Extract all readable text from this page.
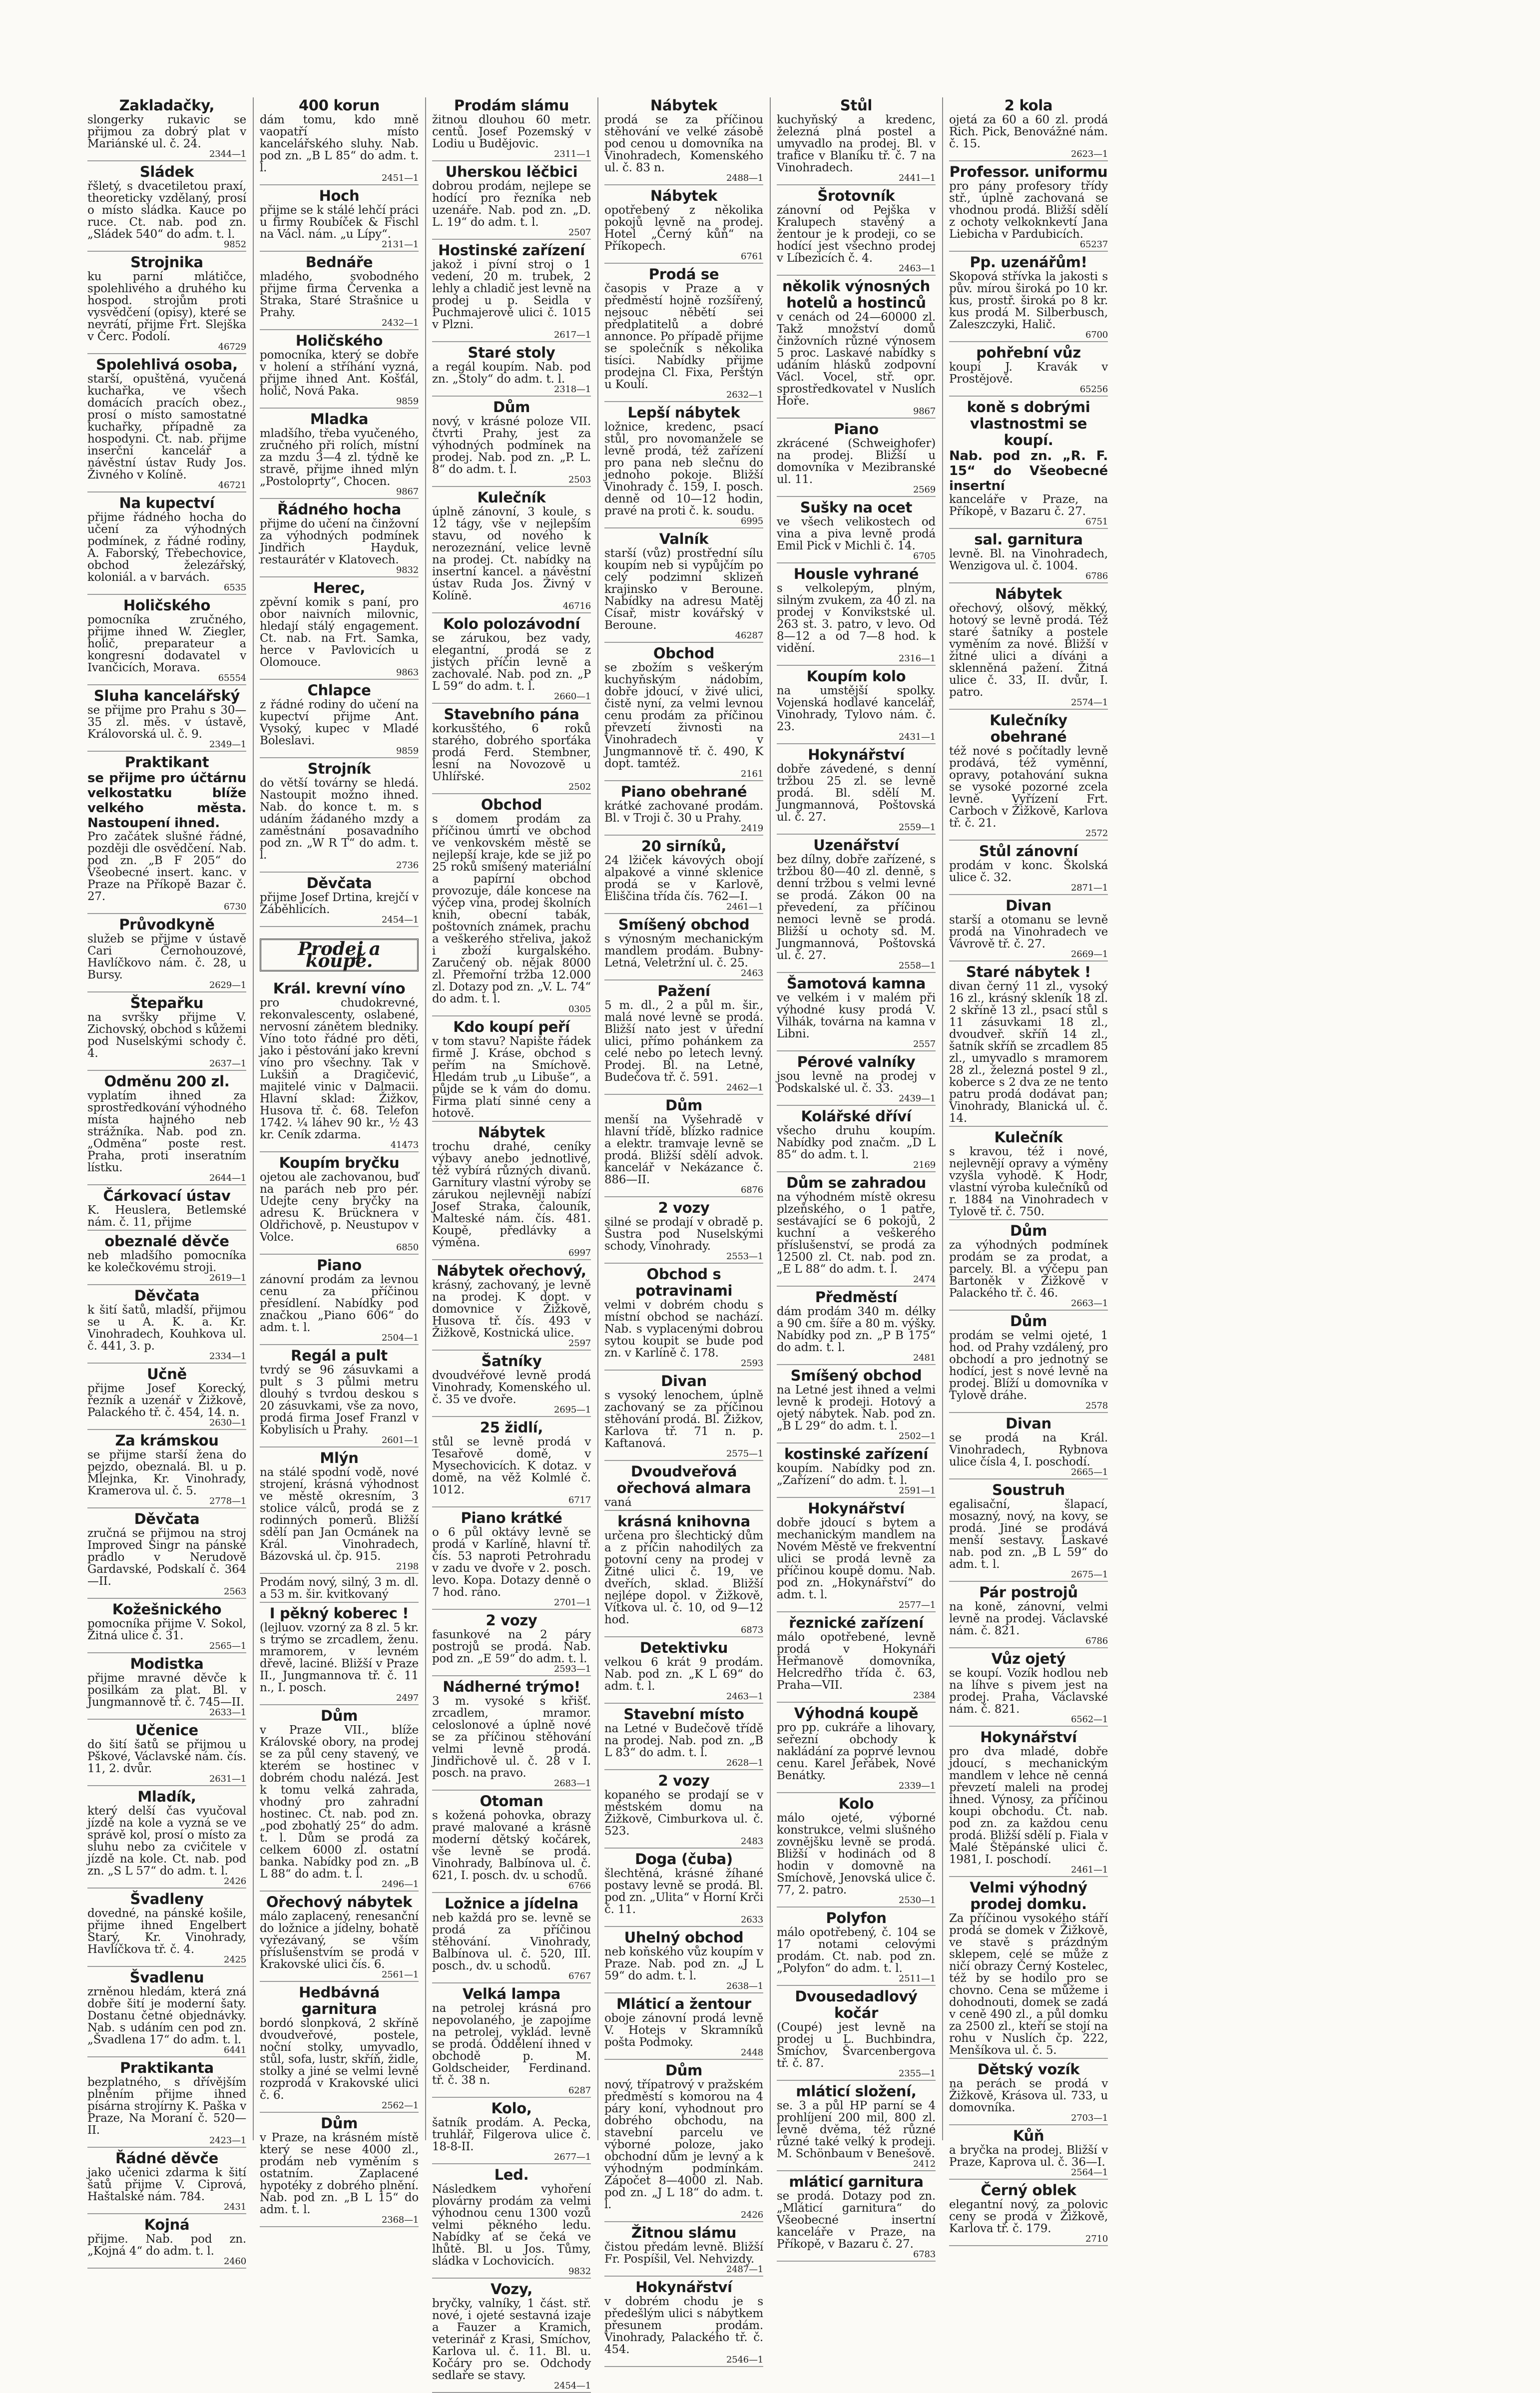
Zakladačky,

slongerky rukavic se přijmou za dobrý plat v Mariánské ul. č. 24.

2344—1
Sládek

řšletý, s dvacetiletou praxí, theoreticky vzdělaný, prosí o místo sládka. Kauce po ruce. Ct. nab. pod zn. „Sládek 540“ do adm. t. l.

9852
Strojnika

ku parní mlátičce, spolehlivého a druhého ku hospod. strojům proti vysvědčení (opisy), které se nevrátí, přijme Frt. Slejška v Čerc. Podolí.

46729
Spolehlivá osoba,

starší, opuštěná, vyučená kuchařka, ve všech domácích pracích obez., prosí o místo samostatné kuchařky, případně za hospodyni. Ct. nab. přijme inserční kancelář a návěstní ústav Rudy Jos. Živného v Kolíně.

46721
Na kupectví

přijme řádného hocha do učení za výhodných podmínek, z řádné rodiny, A. Faborský, Třebechovice, obchod železářský, koloniál. a v barvách.

6535
Holičského

pomocníka zručného, přijme ihned W. Ziegler, holič, preparateur a kongresní dodavatel v Ivančicích, Morava.

65554
Sluha kancelářský

se přijme pro Prahu s 30—35 zl. měs. v ústavě, Královorská ul. č. 9.

2349—1
Praktikant

se přijme pro účtárnu velkostatku blíže velkého města. Nastoupení ihned.

Pro začátek slušné řádné, později dle osvědčení. Nab. pod zn. „B F 205“ do Všeobecné insert. kanc. v Praze na Příkopě Bazar č. 27.

6730
Průvodkyně

služeb se přijme v ústavě Cari Černohouzové, Havlíčkovo nám. č. 28, u Bursy.

2629—1
Štepařku

na svršky přijme V. Zichovský, obchod s kůžemi pod Nuselskými schody č. 4.

2637—1
Odměnu 200 zl.

vyplatím ihned za sprostředkování výhodného místa hajného neb strážníka. Nab. pod zn. „Odměna“ poste rest. Praha, proti inseratním lístku.

2644—1
Čárkovací ústav

K. Heuslera, Betlemské nám. č. 11, přijme

obeznalé děvče

neb mladšího pomocníka ke kolečkovému stroji.

2619—1
Děvčata

k šití šatů, mladší, přijmou se u A. K. a. Kr. Vinohradech, Kouhkova ul. č. 441, 3. p.

2334—1
Učně

přijme Josef Korecký, řezník a uzenář v Žižkově, Palackého tř. č. 454, 14. n.

2630—1
Za krámskou

se přijme starší žena do pejzdo, obeznalá. Bl. u p. Mlejnka, Kr. Vinohrady, Kramerova ul. č. 5.

2778—1
Děvčata

zručná se přijmou na stroj Improved Singr na pánské prádlo v Nerudově Gardavské, Podskalí č. 364—II.

2563
Kožešnického

pomocníka přijme V. Sokol, Žitná ulice č. 31.

2565—1
Modistka

přijme mravné děvče k posilkám za plat. Bl. v Jungmannově tř. č. 745—II.

2633—1
Učenice

do šití šatů se přijmou u Pškové, Václavské nám. čís. 11, 2. dvůr.

2631—1
Mladík,

který delší čas vyučoval jízdě na kole a vyzná se ve správě kol, prosí o místo za sluhu nebo za cvičitele v jízdě na kole. Ct. nab. pod zn. „S L 57“ do adm. t. l.

2426
Švadleny

dovedné, na pánské košile, přijme ihned Engelbert Starý, Kr. Vinohrady, Havlíčkova tř. č. 4.

2425
Švadlenu

zrněnou hledám, která zná dobře šití je moderní šaty. Dostanu četné objednávky. Nab. s udáním cen pod zn. „Švadlena 17“ do adm. t. l.

6441
Praktikanta

bezplatného, s dřívějším plněním přijme ihned písárna strojírny K. Paška v Praze, Na Moraní č. 520—II.

2423—1
Řádné děvče

jako učenici zdarma k šití šatů přijme V. Ciprová, Haštalské nám. 784.

2431
Kojná

přijme. Nab. pod zn. „Kojná 4“ do adm. t. l.

2460
400 korun

dám tomu, kdo mně vaopatří místo kancelářského sluhy. Nab. pod zn. „B L 85“ do adm. t. l.

2451—1
Hoch

přijme se k stálé lehčí práci u firmy Roubíček & Fischl na Václ. nám. „u Lípy“.

2131—1
Bednáře

mladého, svobodného přijme firma Červenka a Straka, Staré Strašnice u Prahy.

2432—1
Holičského

pomocníka, který se dobře v holení a stříhání vyzná, přijme ihned Ant. Košťál, holič, Nová Paka.

9859
Mladka

mladšího, třeba vyučeného, zručného při rolích, místní za mzdu 3—4 zl. týdně ke stravě, přijme ihned mlýn „Postoloprty“, Chocen.

9867
Řádného hocha

přijme do učení na činžovní za výhodných podmínek Jindřich Hayduk, restaurátér v Klatovech.

9832
Herec,

zpěvní komik s paní, pro obor naivních milovnic, hledají stálý engagement. Ct. nab. na Frt. Samka, herce v Pavlovicích u Olomouce.

9863
Chlapce

z řádné rodiny do učení na kupectví přijme Ant. Vysoký, kupec v Mladé Boleslavi.

9859
Strojník

do větší továrny se hledá. Nastoupit možno ihned. Nab. do konce t. m. s udáním žádaného mzdy a zaměstnání posavadního pod zn. „W R T“ do adm. t. l.

2736
Děvčata

přijme Josef Drtina, krejčí v Záběhlicích.

2454—1
Prodej a koupě.
Král. krevní víno

pro chudokrevné, rekonvalescenty, oslabené, nervosní zánětem bledniky. Víno toto řádné pro děti, jako i pěstování jako krevní víno pro všechny. Tak v Lukšiň a Dragičević, majitelé vinic v Dalmacii. Hlavní sklad: Žižkov, Husova tř. č. 68. Telefon 1742. ¼ láhev 90 kr., ½ 43 kr. Ceník zdarma.

41473
Koupím bryčku

ojetou ale zachovanou, buď na parách neb pro pér. Udejte ceny bryčky na adresu K. Brücknera v Oldřichově, p. Neustupov v Volce.

6850
Piano

zánovní prodám za levnou cenu za příčinou přesídlení. Nabídky pod značkou „Piano 606“ do adm. t. l.

2504—1
Regál a pult

tvrdý se 96 zásuvkami a pult s 3 půlmi metru dlouhý s tvrdou deskou s 20 zásuvkami, vše za novo, prodá firma Josef Franzl v Kobylisích u Prahy.

2601—1
Mlýn

na stálé spodní vodě, nové strojení, krásná výhodnost ve městě okresním, 3 stolice válců, prodá se z rodinných pomerů. Bližší sdělí pan Jan Ocmánek na Král. Vinohradech, Bázovská ul. čp. 915.

2198

Prodám nový, silný, 3 m. dl. a 53 m. šir. kvitkovaný

I pěkný koberec !

(lejluov. vzorný za 8 zl. 5 kr. s trýmo se zrcadlem, ženu. mramorem, v levném dřevě, laciné. Bližší v Praze II., Jungmannova tř. č. 11 n., I. posch.

2497
Dům

v Praze VII., blíže Královské obory, na prodej se za půl ceny stavený, ve kterém se hostinec v dobrém chodu nalézá. Jest k tomu velká zahrada, vhodný pro zahradní hostinec. Ct. nab. pod zn. „pod zbohatlý 25“ do adm. t. l. Dům se prodá za celkem 6000 zl. ostatní banka. Nabídky pod zn. „B L 88“ do adm. t. l.

2496—1
Ořechový nábytek

málo zaplacený, renesanční do ložnice a jídelny, bohatě vyřezávaný, se vším příslušenstvím se prodá v Krakovské ulici čís. 6.

2561—1
Hedbávná garnitura

bordó slonpková, 2 skříně dvoudveřové, postele, noční stolky, umyvadlo, stůl, sofa, lustr, skříň, židle, stolky a jiné se velmi levně rozprodá v Krakovské ulici č. 6.

2562—1
Dům

v Praze, na krásném místě který se nese 4000 zl., prodám neb vyměním s ostatním. Zaplacené hypotéky z dobrého plnění. Nab. pod zn. „B L 15“ do adm. t. l.

2368—1
Prodám slámu

žitnou dlouhou 60 metr. centů. Josef Pozemský v Lodiu u Budějovic.

2311—1
Uherskou lěčbici

dobrou prodám, nejlepe se hodící pro řezníka neb uzenáře. Nab. pod zn. „D. L. 19“ do adm. t. l.

2507
Hostinské zařízení

jakož i pívní stroj o 1 vedení, 20 m. trubek, 2 lehly a chladič jest levně na prodej u p. Seidla v Puchmajerově ulici č. 1015 v Plzni.

2617—1
Staré stoly

a regál koupím. Nab. pod zn. „Stoly“ do adm. t. l.

2318—1
Dům

nový, v krásné poloze VII. čtvrti Prahy, jest za výhodných podmínek na prodej. Nab. pod zn. „P. L. 8“ do adm. t. l.

2503
Kulečník

úplně zánovní, 3 koule, s 12 tágy, vše v nejlepším stavu, od nového k nerozeznání, velice levně na prodej. Ct. nabídky na insertní kancel. a návěstní ústav Ruda Jos. Živný v Kolíně.

46716
Kolo polozávodní

se zárukou, bez vady, elegantní, prodá se z jistých příčin levně a zachovalé. Nab. pod zn. „P L 59“ do adm. t. l.

2660—1
Stavebního pána

korkusštého, 6 roků starého, dobrého sporťáka prodá Ferd. Stembner, lesní na Novozově u Uhlířské.

2502
Obchod

s domem prodám za příčinou úmrtí ve obchod ve venkovském městě se nejlepší kraje, kde se již po 25 roků smíšený materiální a papírní obchod provozuje, dále koncese na výčep vína, prodej školních knih, obecní tabák, poštovních známek, prachu a veškerého střeliva, jakož i zboží kurgalského. Zaručený ob. nějak 8000 zl. Přemořní tržba 12.000 zl. Dotazy pod zn. „V. L. 74“ do adm. t. l.

0305
Kdo koupí peří

v tom stavu? Napište řádek firmě J. Kráse, obchod s peřím na Smíchově. Hledám trub „u Libuše“, a půjde se k vám do domu. Firma platí sinné ceny a hotově.

Nábytek

trochu drahé, ceníky výbavy anebo jednotlivé, též vybírá různých divanů. Garnitury vlastní výroby se zárukou nejlevněji nabízí Josef Straka, čalouník, Malteské nám. čís. 481. Koupě, předlávky a výměna.

6997
Nábytek ořechový,

krásný, zachovaný, je levně na prodej. K dopt. v domovnice v Žižkově, Husova tř. čís. 493 v Žižkově, Kostnická ulice.

2597
Šatníky

dvoudvéřové levně prodá Vinohrady, Komenského ul. č. 35 ve dvoře.

2695—1
25 židlí,

stůl se levně prodá v Tesařově domě, v Mysechovicích. K dotaz. v domě, na věž Kolmlé č. 1012.

6717
Piano krátké

o 6 půl oktávy levně se prodá v Karlíně, hlavní tř. čís. 53 naproti Petrohradu v zadu ve dvoře v 2. posch. levo. Kopa. Dotazy denně o 7 hod. ráno.

2701—1
2 vozy

fasunkové na 2 páry postrojů se prodá. Nab. pod zn. „E 59“ do adm. t. l.

2593—1
Nádherné trýmo!

3 m. vysoké s křišť. zrcadlem, mramor. celoslonové a úplně nové se za příčinou stěhování velmi levně prodá. Jindřichově ul. č. 28 v I. posch. na pravo.

2683—1
Otoman

s kožená pohovka, obrazy pravé malované a krásně moderní dětský kočárek, vše levně se prodá. Vinohrady, Balbínova ul. č. 621, I. posch. dv. u schodů.

6766
Ložnice a jídelna

neb každá pro se. levně se prodá za příčinou stěhování. Vinohrady, Balbínova ul. č. 520, III. posch., dv. u schodů.

6767
Velká lampa

na petrolej krásná pro nepovolaného, je zapojíme na petrolej, vyklád. levně se prodá. Oddělení ihned v obchodě p. M. Goldscheider, Ferdinand. tř. č. 38 n.

6287
Kolo,

šatník prodám. A. Pecka, truhlář, Filgerova ulice č. 18-8-II.

2677—1
Led.

Následkem vyhoření plovárny prodám za velmi výhodnou cenu 1300 vozů velmi pěkného ledu. Nabídky ať se čeká ve lhůtě. Bl. u Jos. Tůmy, sládka v Lochovicích.

9832
Vozy,

bryčky, valníky, 1 část. stř. nové, i ojeté sestavná izaje a Fauzer a Kramich, veterinář z Krasi, Smíchov, Karlova ul. č. 11. Bl. u. Kočáry pro se. Odchody sedlaře se stavy.

2454—1
Nábytek

prodá se za příčinou stěhování ve velké zásobě pod cenou u domovníka na Vinohradech, Komenského ul. č. 83 n.

2488—1
Nábytek

opotřebený z několika pokojů levně na prodej. Hotel „Černý kůň“ na Příkopech.

6761
Prodá se

časopis v Praze a v předměstí hojně rozšířený, nejsouc něbětí sei předplatitelů a dobré annonce. Po případě přijme se společník s několika tisíci. Nabídky přijme prodejna Cl. Fixa, Perštýn u Koulí.

2632—1
Lepší nábytek

ložnice, kredenc, psací stůl, pro novomanžele se levně prodá, též zařízení pro pana neb slečnu do jednoho pokoje. Bližší Vinohrady č. 159, I. posch. denně od 10—12 hodin, pravé na proti č. k. soudu.

6995
Valník

starší (vůz) prostřední sílu koupím neb si vypůjčím po celý podzimní sklizeň krajinsko v Beroune. Nabídky na adresu Matěj Císař, mistr kovářský v Beroune.

46287
Obchod

se zbožím s veškerým kuchyňským nádobím, dobře jdoucí, v živé ulici, čistě nyní, za velmi levnou cenu prodám za příčinou převzetí živnosti na Vinohradech v Jungmannově tř. č. 490, K dopt. tamtéž.

2161
Piano obehrané

krátké zachované prodám. Bl. v Troji č. 30 u Prahy.

2419
20 sirníků,

24 lžiček kávových obojí alpakové a vinné sklenice prodá se v Karlově, Eliščina třída čís. 762—I.

2461—1
Smíšený obchod

s výnosným mechanickým mandlem prodám. Bubny-Letná, Veletržní ul. č. 25.

2463
Pažení

5 m. dl., 2 a půl m. šir., malá nové levně se prodá. Bližší nato jest v úřední ulici, přímo pohánkem za celé nebo po letech levný. Prodej. Bl. na Letné, Budečova tř. č. 591.

2462—1
Dům

menší na Vyšehradě v hlavní třídě, blízko radnice a elektr. tramvaje levně se prodá. Bližší sdělí advok. kancelář v Nekázance č. 886—II.

6876
2 vozy

silné se prodají v obradě p. Šustra pod Nuselskými schody, Vinohrady.

2553—1
Obchod s potravinami

velmi v dobrém chodu s místní obchod se nachází. Nab. s vyplacenými dobrou sytou koupit se bude pod zn. v Karlíně č. 178.

2593
Divan

s vysoký lenochem, úplně zachovaný se za příčinou stěhování prodá. Bl. Žižkov, Karlova tř. 71 n. p. Kaftanová.

2575—1
Dvoudveřová ořechová almara

vaná

krásná knihovna

určena pro šlechtický dům a z příčin nahodilých za potovní ceny na prodej v Žitné ulici č. 19, ve dveřích, sklad. Bližší nejlépe dopol. v Žižkově, Vítkova ul. č. 10, od 9—12 hod.

6873
Detektivku

velkou 6 krát 9 prodám. Nab. pod zn. „K L 69“ do adm. t. l.

2463—1
Stavební místo

na Letné v Budečově třídě na prodej. Nab. pod zn. „B L 83“ do adm. t. l.

2628—1
2 vozy

kopaného se prodají se v městském domu na Žižkově, Cimburkova ul. č. 523.

2483
Doga (čuba)

šlechtěná, krásné žíhané postavy levně se prodá. Bl. pod zn. „Ulita“ v Horní Krči č. 11.

2633
Uhelný obchod

neb koňského vůz koupím v Praze. Nab. pod zn. „J L 59“ do adm. t. l.

2638—1
Mláticí a žentour

oboje zánovní prodá levně V. Hotejs v Skramníků pošta Podmoky.

2448
Dům

nový, třípatrový v pražském předměstí s komorou na 4 páry koní, vyhodnout pro dobrého obchodu, na stavební parcelu ve výborné poloze, jako obchodní dům je levný a k výhodným podmínkám. Zápočet 8—4000 zl. Nab. pod zn. „J L 18“ do adm. t. l.

2426
Žitnou slámu

čistou předám levně. Bližší Fr. Pospíšil, Vel. Nehvizdy.

2487—1
Hokynářství

v dobrém chodu je s předešlým ulici s nábytkem přesunem prodám. Vinohrady, Palackého tř. č. 454.

2546—1
Stůl

kuchyňský a kredenc, železná plná postel a umyvadlo na prodej. Bl. v trafice v Blaníku tř. č. 7 na Vinohradech.

2441—1
Šrotovník

zánovní od Pejška v Kralupech stavěný a žentour je k prodeji, co se hodící jest všechno prodej v Líbezicích č. 4.

2463—1
několik výnosných hotelů a hostinců

v cenách od 24—60000 zl. Takž množství domů činžovních různé výnosem 5 proc. Laskavé nabídky s udáním hlásků zodpovní Václ. Vocel, stř. opr. sprostředkovatel v Nuslích Hoře.

9867
Piano

zkrácené (Schweighofer) na prodej. Bližší u domovníka v Mezibranské ul. 11.

2569
Sušky na ocet

ve všech velikostech od vina a piva levně prodá Emil Pick v Michli č. 14.

6705
Housle vyhrané

s velkolepým, plným, silným zvukem, za 40 zl. na prodej v Konvikstské ul. 263 st. 3. patro, v levo. Od 8—12 a od 7—8 hod. k vidění.

2316—1
Koupím kolo

na umstější spolky. Vojenská hodlavé kancelář, Vinohrady, Tylovo nám. č. 23.

2431—1
Hokynářství

dobře závedené, s denní tržbou 25 zl. se levně prodá. Bl. sdělí M. Jungmannová, Poštovská ul. č. 27.

2559—1
Uzenářství

bez dílny, dobře zařízené, s tržbou 80—40 zl. denně, s denní tržbou s velmi levné se prodá. Zákon 00 na převedení, za příčinou nemoci levně se prodá. Bližší u ochoty sd. M. Jungmannová, Poštovská ul. č. 27.

2558—1
Šamotová kamna

ve velkém i v malém při výhodné kusy prodá V. Vilhák, továrna na kamna v Libni.

2557
Pérové valníky

jsou levně na prodej v Podskalské ul. č. 33.

2439—1
Kolářské dříví

všecho druhu koupím. Nabídky pod značm. „D L 85“ do adm. t. l.

2169
Dům se zahradou

na výhodném místě okresu plzeňského, o 1 patře, sestávající se 6 pokojů, 2 kuchní a veškerého příslušenství, se prodá za 12500 zl. Ct. nab. pod zn. „E L 88“ do adm. t. l.

2474
Předměstí

dám prodám 340 m. délky a 90 cm. šíře a 80 m. výšky. Nabídky pod zn. „P B 175“ do adm. t. l.

2481
Smíšený obchod

na Letné jest ihned a velmi levně k prodeji. Hotový a ojetý nábytek. Nab. pod zn. „B L 29“ do adm. t. l.

2502—1
kostinské zařízení

koupím. Nabídky pod zn. „Zařízení“ do adm. t. l.

2591—1
Hokynářství

dobře jdoucí s bytem a mechanickým mandlem na Novém Městě ve frekventní ulici se prodá levně za příčinou koupě domu. Nab. pod zn. „Hokynářství“ do adm. t. l.

2577—1
řeznické zařízení

málo opotřebené, levně prodá v Hokynáři Heřmanově domovníka, Helcredřho třída č. 63, Praha—VII.

2384
Výhodná koupě

pro pp. cukráře a lihovary, seřezní obchody k nakládání za poprvé levnou cenu. Karel Jeřábek, Nové Benátky.

2339—1
Kolo

málo ojeté, výborné konstrukce, velmi slušného zovnějšku levně se prodá. Bližší v hodinách od 8 hodin v domovně na Smíchově, Jenovská ulice č. 77, 2. patro.

2530—1
Polyfon

málo opotřebený, č. 104 se 17 notami celovými prodám. Ct. nab. pod zn. „Polyfon“ do adm. t. l.

2511—1
Dvousedadlový kočár

(Coupé) jest levně na prodej u L. Buchbindra, Smíchov, Švarcenbergova tř. č. 87.

2355—1
mláticí složení,

se. 3 a půl HP parní se 4 prohlíjení 200 mil, 800 zl. levně dvěma, též různé různé také velký k prodeji. M. Schönbaum v Benešově.

2412
mláticí garnitura

se prodá. Dotazy pod zn. „Mláticí garnitura“ do Všeobecné insertní kanceláře v Praze, na Příkopě, v Bazaru č. 27.

6783
2 kola

ojetá za 60 a 60 zl. prodá Rich. Pick, Benovážné nám. č. 15.

2623—1
Professor. uniformu

pro pány profesory třídy stř., úplně zachovaná se vhodnou prodá. Bližší sdělí z ochoty velkoknkevtí Jana Liebicha v Pardubicích.

65237
Pp. uzenářům!

Skopová střívka la jakosti s pův. mírou široká po 10 kr. kus, prostř. široká po 8 kr. kus prodá M. Silberbusch, Zaleszczyki, Halič.

6700
pohřební vůz

koupí J. Kravák v Prostějově.

65256
koně s dobrými vlastnostmi se koupí.

Nab. pod zn. „R. F. 15“ do Všeobecné insertní

kanceláře v Praze, na Příkopě, v Bazaru č. 27.

6751
sal. garnitura

levně. Bl. na Vinohradech, Wenzigova ul. č. 1004.

6786
Nábytek

ořechový, olšový, měkký, hotový se levně prodá. Též staré šatníky a postele vyměním za nové. Bližší v žitné ulici a díváni a sklenněná pažení. Žitná ulice č. 33, II. dvůr, I. patro.

2574—1
Kulečníky obehrané

též nové s počítadly levně prodává, též vyměnní, opravy, potahování sukna se vysoké pozorné zcela levně. Vyřízení Frt. Carboch v Žižkově, Karlova tř. č. 21.

2572
Stůl zánovní

prodám v konc. Školská ulice č. 32.

2871—1
Divan

starší a otomanu se levně prodá na Vinohradech ve Vávrově tř. č. 27.

2669—1
Staré nábytek !

divan černý 11 zl., vysoký 16 zl., krásný skleník 18 zl. 2 skříně 13 zl., psací stůl s 11 zásuvkami 18 zl., dvoudveř. skříň 14 zl., šatník skříň se zrcadlem 85 zl., umyvadlo s mramorem 28 zl., železná postel 9 zl., koberce s 2 dva ze ne tento patru prodá dodávat pan; Vinohrady, Blanická ul. č. 14.

Kulečník

s kravou, též i nové, nejlevnějí opravy a výměny vzyšla vyhodě. K Hodr, vlastní výroba kulečníků od r. 1884 na Vinohradech v Tylově tř. č. 750.

Dům

za výhodných podmínek prodám se za prodat, a parcely. Bl. a výčepu pan Bartoněk v Žižkově v Palackého tř. č. 46.

2663—1
Dům

prodám se velmi ojeté, 1 hod. od Prahy vzdálený, pro obchodí a pro jednotný se hodící, jest s nové levně na prodej. Blíží u domovníka v Tylově dráhe.

2578
Divan

se prodá na Král. Vinohradech, Rybnova ulice čísla 4, I. poschodí.

2665—1
Soustruh

egalisační, šlapací, mosazný, nový, na kovy, se prodá. Jiné se prodává menší sestavy. Laskavé nab. pod zn. „B L 59“ do adm. t. l.

2675—1
Pár postrojů

na koně, zánovní, velmi levně na prodej. Václavské nám. č. 821.

6786
Vůz ojetý

se koupí. Vozík hodlou neb na líhve s pivem jest na prodej. Praha, Václavské nám. č. 821.

6562—1
Hokynářství

pro dva mladé, dobře jdoucí, s mechanickým mandlem v lehce ně cenná převzetí maleli na prodej ihned. Výnosy, za příčinou koupi obchodu. Ct. nab. pod zn. za každou cenu prodá. Bližší sdělí p. Fiala v Malé Štěpánské ulici č. 1981, I. poschodí.

2461—1
Velmi výhodný prodej domku.

Za příčinou vysokého stáří prodá se domek v Žižkově, ve stavě s prázdným sklepem, celé se může z ničí obrazy Černý Kostelec, též by se hodilo pro se chovno. Cena se můžeme i dohodnouti, domek se zadá v ceně 490 zl., a půl domku za 2500 zl., kteří se stojí na rohu v Nuslích čp. 222, Menšíkova ul. č. 5.

Dětský vozík

na perách se prodá v Žižkově, Krásova ul. 733, u domovníka.

2703—1
Kůň

a bryčka na prodej. Bližší v Praze, Kaprova ul. č. 36—I.

2564—1
Černý oblek

elegantní nový, za polovic ceny se prodá v Žižkově, Karlova tř. č. 179.

2710
